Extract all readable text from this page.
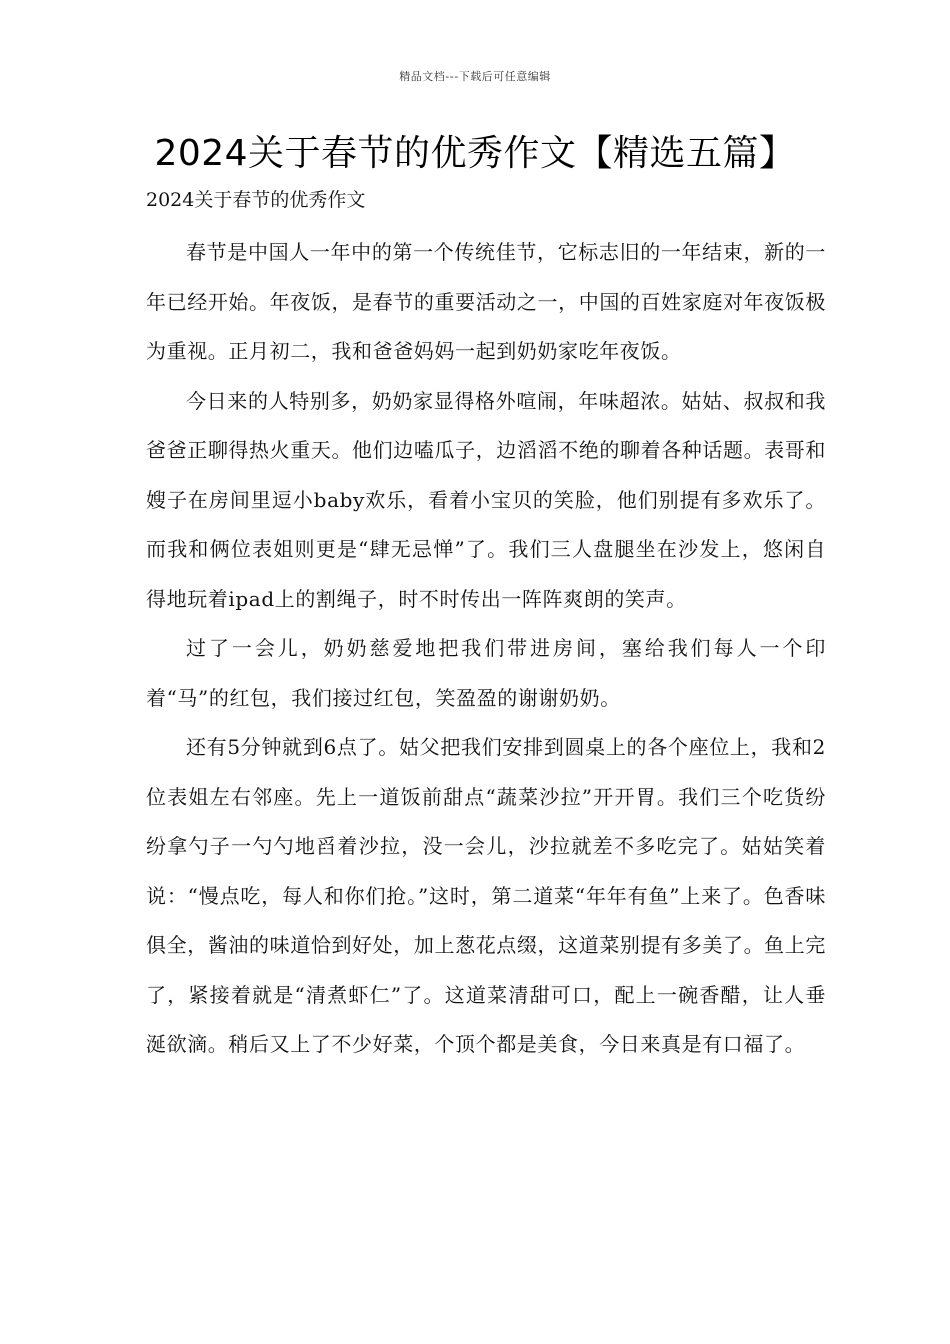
精品文档---下载后可任意编辑
2024关于春节的优秀作文【精选五篇】

2024关于春节的优秀作文

春节是中国人一年中的第一个传统佳节，它标志旧的一年结束，新的一年已经开始。年夜饭，是春节的重要活动之一，中国的百姓家庭对年夜饭极为重视。正月初二，我和爸爸妈妈一起到奶奶家吃年夜饭。

今日来的人特别多，奶奶家显得格外喧闹，年味超浓。姑姑、叔叔和我爸爸正聊得热火重天。他们边嗑瓜子，边滔滔不绝的聊着各种话题。表哥和嫂子在房间里逗小baby欢乐，看着小宝贝的笑脸，他们别提有多欢乐了。而我和俩位表姐则更是“肆无忌惮”了。我们三人盘腿坐在沙发上，悠闲自得地玩着ipad上的割绳子，时不时传出一阵阵爽朗的笑声。

过了一会儿，奶奶慈爱地把我们带进房间，塞给我们每人一个印着“马”的红包，我们接过红包，笑盈盈的谢谢奶奶。

还有5分钟就到6点了。姑父把我们安排到圆桌上的各个座位上，我和2位表姐左右邻座。先上一道饭前甜点“蔬菜沙拉”开开胃。我们三个吃货纷纷拿勺子一勺勺地舀着沙拉，没一会儿，沙拉就差不多吃完了。姑姑笑着说：“慢点吃，每人和你们抢。”这时，第二道菜“年年有鱼”上来了。色香味俱全，酱油的味道恰到好处，加上葱花点缀，这道菜别提有多美了。鱼上完了，紧接着就是“清煮虾仁”了。这道菜清甜可口，配上一碗香醋，让人垂涎欲滴。稍后又上了不少好菜，个顶个都是美食，今日来真是有口福了。
